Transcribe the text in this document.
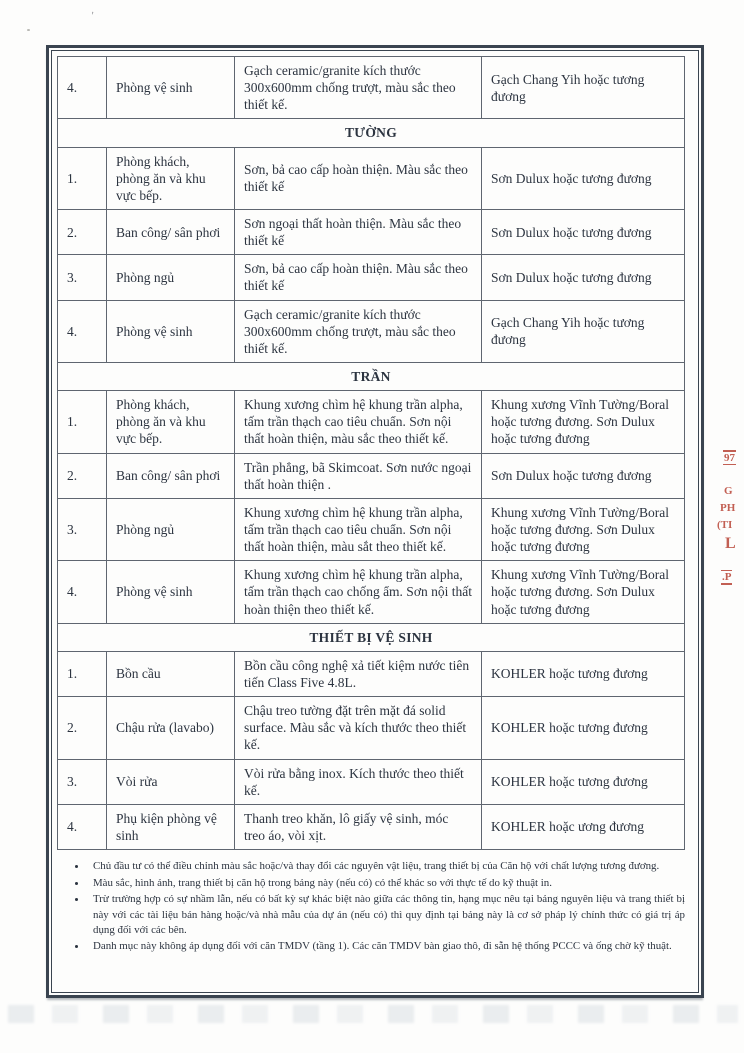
'
4.	Phòng vệ sinh	Gạch ceramic/granite kích thước 300x600mm chống trượt, màu sắc theo thiết kế.	Gạch Chang Yih hoặc tương đương
TƯỜNG			
1.	Phòng khách, phòng ăn và khu vực bếp.	Sơn, bả cao cấp hoàn thiện. Màu sắc theo thiết kế	Sơn Dulux hoặc tương đương
2.	Ban công/ sân phơi	Sơn ngoại thất hoàn thiện. Màu sắc theo thiết kế	Sơn Dulux hoặc tương đương
3.	Phòng ngủ	Sơn, bả cao cấp hoàn thiện. Màu sắc theo thiết kế	Sơn Dulux hoặc tương đương
4.	Phòng vệ sinh	Gạch ceramic/granite kích thước 300x600mm chống trượt, màu sắc theo thiết kế.	Gạch Chang Yih hoặc tương đương
TRẦN			
1.	Phòng khách, phòng ăn và khu vực bếp.	Khung xương chìm hệ khung trần alpha, tấm trần thạch cao tiêu chuẩn. Sơn nội thất hoàn thiện, màu sắc theo thiết kế.	Khung xương Vĩnh Tường/Boral hoặc tương đương. Sơn Dulux hoặc tương đương
2.	Ban công/ sân phơi	Trần phẳng, bã Skimcoat. Sơn nước ngoại thất hoàn thiện .	Sơn Dulux hoặc tương đương
3.	Phòng ngủ	Khung xương chìm hệ khung trần alpha, tấm trần thạch cao tiêu chuẩn. Sơn nội thất hoàn thiện, màu sắt theo thiết kế.	Khung xương Vĩnh Tường/Boral hoặc tương đương. Sơn Dulux hoặc tương đương
4.	Phòng vệ sinh	Khung xương chìm hệ khung trần alpha, tấm trần thạch cao chống ẩm. Sơn nội thất hoàn thiện theo thiết kế.	Khung xương Vĩnh Tường/Boral hoặc tương đương. Sơn Dulux hoặc tương đương
THIẾT BỊ VỆ SINH			
1.	Bồn cầu	Bồn cầu công nghệ xả tiết kiệm nước tiên tiến Class Five 4.8L.	KOHLER hoặc tương đương
2.	Chậu rửa (lavabo)	Chậu treo tường đặt trên mặt đá solid surface. Màu sắc và kích thước theo thiết kế.	KOHLER hoặc tương đương
3.	Vòi rửa	Vòi rửa bằng inox. Kích thước theo thiết kế.	KOHLER hoặc tương đương
4.	Phụ kiện phòng vệ sinh	Thanh treo khăn, lô giấy vệ sinh, móc treo áo, vòi xịt.	KOHLER hoặc ương đương
• Chủ đầu tư có thể điều chỉnh màu sắc hoặc/và thay đổi các nguyên vật liệu, trang thiết bị của Căn hộ với chất lượng tương đương.
• Màu sắc, hình ảnh, trang thiết bị căn hộ trong bảng này (nếu có) có thể khác so với thực tế do kỹ thuật in.
• Trừ trường hợp có sự nhầm lẫn, nếu có bất kỳ sự khác biệt nào giữa các thông tin, hạng mục nêu tại bảng nguyên liệu và trang thiết bị này với các tài liệu bán hàng hoặc/và nhà mẫu của dự án (nếu có) thì quy định tại bảng này là cơ sở pháp lý chính thức có giá trị áp dụng đối với các bên.
• Danh mục này không áp dụng đối với căn TMDV (tầng 1). Các căn TMDV bàn giao thô, đi sẵn hệ thống PCCC và ống chờ kỹ thuật.
97
G
PH
(TI
L
.P
